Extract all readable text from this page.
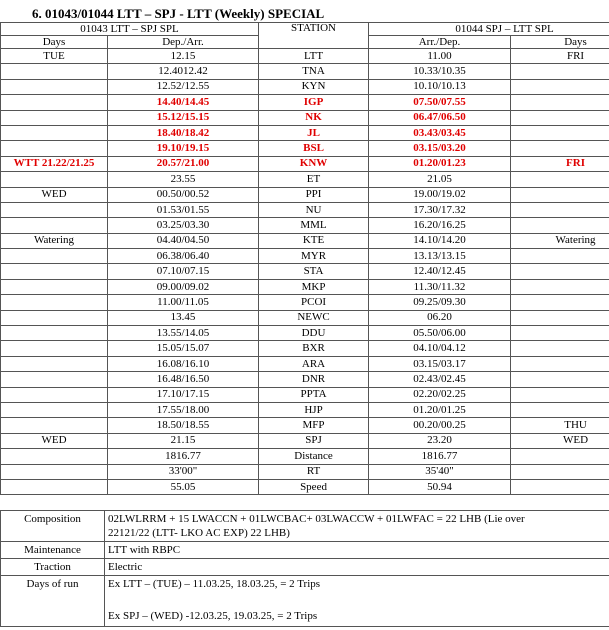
6. 01043/01044 LTT – SPJ - LTT (Weekly) SPECIAL
01043 LTT – SPJ SPL		STATION	01044 SPJ – LTT SPL	
Days	Dep./Arr.		Arr./Dep.	Days
TUE	12.15	LTT	11.00	FRI
	12.4012.42	TNA	10.33/10.35	
	12.52/12.55	KYN	10.10/10.13	
	14.40/14.45	IGP	07.50/07.55	
	15.12/15.15	NK	06.47/06.50	
	18.40/18.42	JL	03.43/03.45	
	19.10/19.15	BSL	03.15/03.20	
WTT 21.22/21.25	20.57/21.00	KNW	01.20/01.23	FRI
	23.55	ET	21.05	
WED	00.50/00.52	PPI	19.00/19.02	
	01.53/01.55	NU	17.30/17.32	
	03.25/03.30	MML	16.20/16.25	
Watering	04.40/04.50	KTE	14.10/14.20	Watering
	06.38/06.40	MYR	13.13/13.15	
	07.10/07.15	STA	12.40/12.45	
	09.00/09.02	MKP	11.30/11.32	
	11.00/11.05	PCOI	09.25/09.30	
	13.45	NEWC	06.20	
	13.55/14.05	DDU	05.50/06.00	
	15.05/15.07	BXR	04.10/04.12	
	16.08/16.10	ARA	03.15/03.17	
	16.48/16.50	DNR	02.43/02.45	
	17.10/17.15	PPTA	02.20/02.25	
	17.55/18.00	HJP	01.20/01.25	
	18.50/18.55	MFP	00.20/00.25	THU
WED	21.15	SPJ	23.20	WED
	1816.77	Distance	1816.77	
	33'00"	RT	35'40"	
	55.05	Speed	50.94	
Composition	02LWLRRM + 15 LWACCN + 01LWCBAC+ 03LWACCW + 01LWFAC = 22 LHB (Lie over
22121/22 (LTT- LKO AC EXP) 22 LHB)

Maintenance	LTT with RBPC
Traction	Electric
Days of run	Ex LTT – (TUE) – 11.03.25, 18.03.25, = 2 Trips
Ex SPJ – (WED) -12.03.25, 19.03.25, = 2 Trips
